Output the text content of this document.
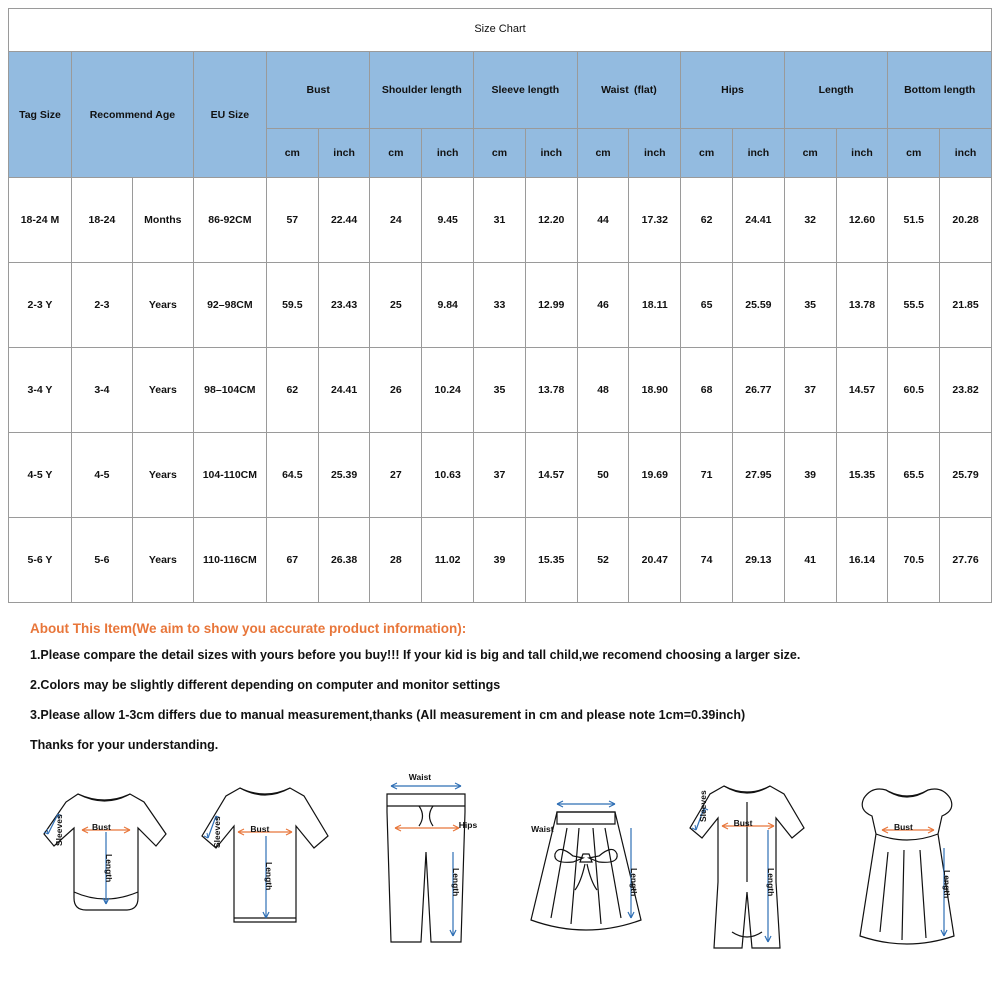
Size Chart
Tag Size	Recommend Age		EU Size	Bust		Shoulder length		Sleeve length		Waist (flat)		Hips		Length		Bottom length	
				cm	inch	cm	inch	cm	inch	cm	inch	cm	inch	cm	inch	cm	inch
18-24 M	18-24	Months	86-92CM	57	22.44	24	9.45	31	12.20	44	17.32	62	24.41	32	12.60	51.5	20.28
2-3 Y	2-3	Years	92–98CM	59.5	23.43	25	9.84	33	12.99	46	18.11	65	25.59	35	13.78	55.5	21.85
3-4 Y	3-4	Years	98–104CM	62	24.41	26	10.24	35	13.78	48	18.90	68	26.77	37	14.57	60.5	23.82
4-5 Y	4-5	Years	104-110CM	64.5	25.39	27	10.63	37	14.57	50	19.69	71	27.95	39	15.35	65.5	25.79
5-6 Y	5-6	Years	110-116CM	67	26.38	28	11.02	39	15.35	52	20.47	74	29.13	41	16.14	70.5	27.76
About This Item(We aim to show you accurate product information):
1.Please compare the detail sizes with yours before you buy!!! If your kid is big and tall child,we recomend choosing a larger size.
2.Colors may be slightly different depending on computer and monitor settings
3.Please allow 1-3cm differs due to manual measurement,thanks (All measurement in cm and please note 1cm=0.39inch)
Thanks for your understanding.
Sleeves	Bust
Length
Sleeves	Bust
Length
Waist
Hips
Length
Waist
Length
Sleeves
Bust
Length
Bust
Length
